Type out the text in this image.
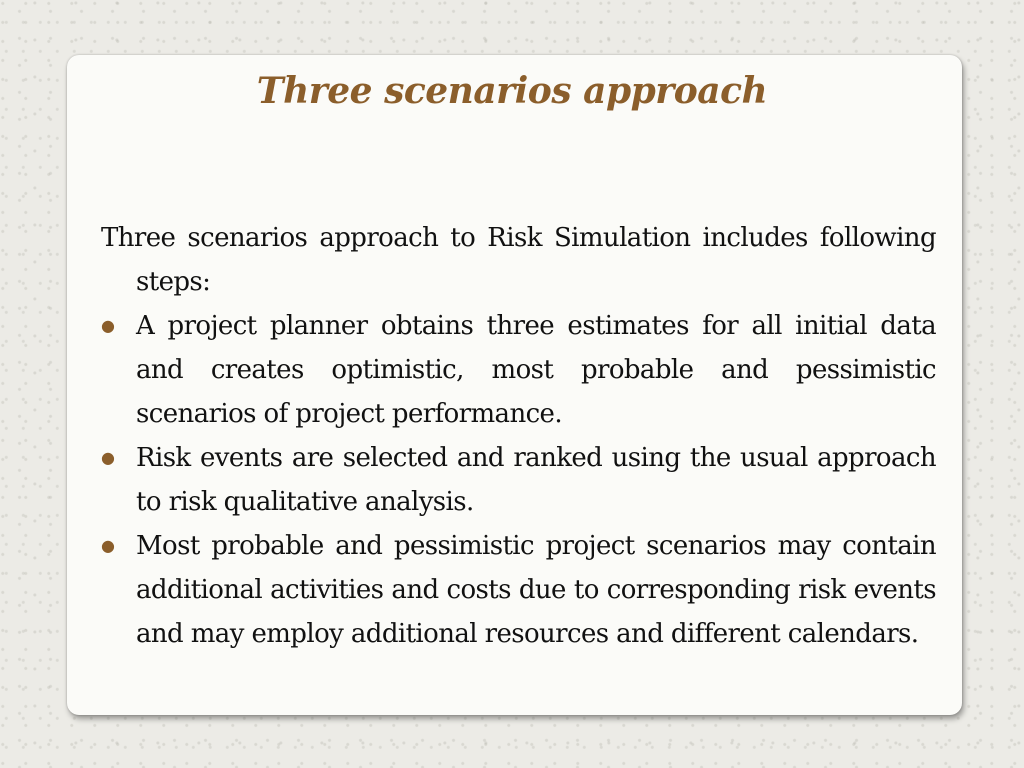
Three scenarios approach

Three scenarios approach to Risk Simulation includes following steps:

● A project planner obtains three estimates for all initial data and creates optimistic, most probable and pessimistic scenarios of project performance.
● Risk events are selected and ranked using the usual approach to risk qualitative analysis.
● Most probable and pessimistic project scenarios may contain additional activities and costs due to corresponding risk events and may employ additional resources and different calendars.
